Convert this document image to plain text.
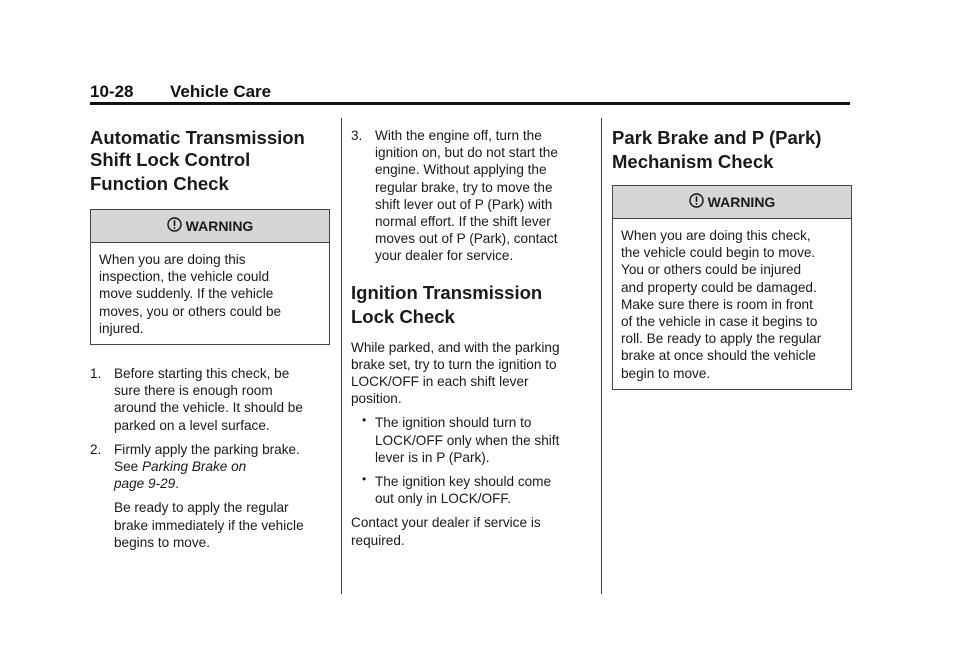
10-28 Vehicle Care
Automatic Transmission
Shift Lock Control
Function Check
WARNING
When you are doing this
inspection, the vehicle could
move suddenly. If the vehicle
moves, you or others could be
injured.
1. Before starting this check, be
sure there is enough room
around the vehicle. It should be
parked on a level surface.
2. Firmly apply the parking brake.
See Parking Brake on
page 9-29.
Be ready to apply the regular
brake immediately if the vehicle
begins to move.
3. With the engine off, turn the
ignition on, but do not start the
engine. Without applying the
regular brake, try to move the
shift lever out of P (Park) with
normal effort. If the shift lever
moves out of P (Park), contact
your dealer for service.
Ignition Transmission
Lock Check

While parked, and with the parking
brake set, try to turn the ignition to
LOCK/OFF in each shift lever
position.

• The ignition should turn to
LOCK/OFF only when the shift
lever is in P (Park).
• The ignition key should come
out only in LOCK/OFF.

Contact your dealer if service is
required.

Park Brake and P (Park)
Mechanism Check
WARNING
When you are doing this check,
the vehicle could begin to move.
You or others could be injured
and property could be damaged.
Make sure there is room in front
of the vehicle in case it begins to
roll. Be ready to apply the regular
brake at once should the vehicle
begin to move.
